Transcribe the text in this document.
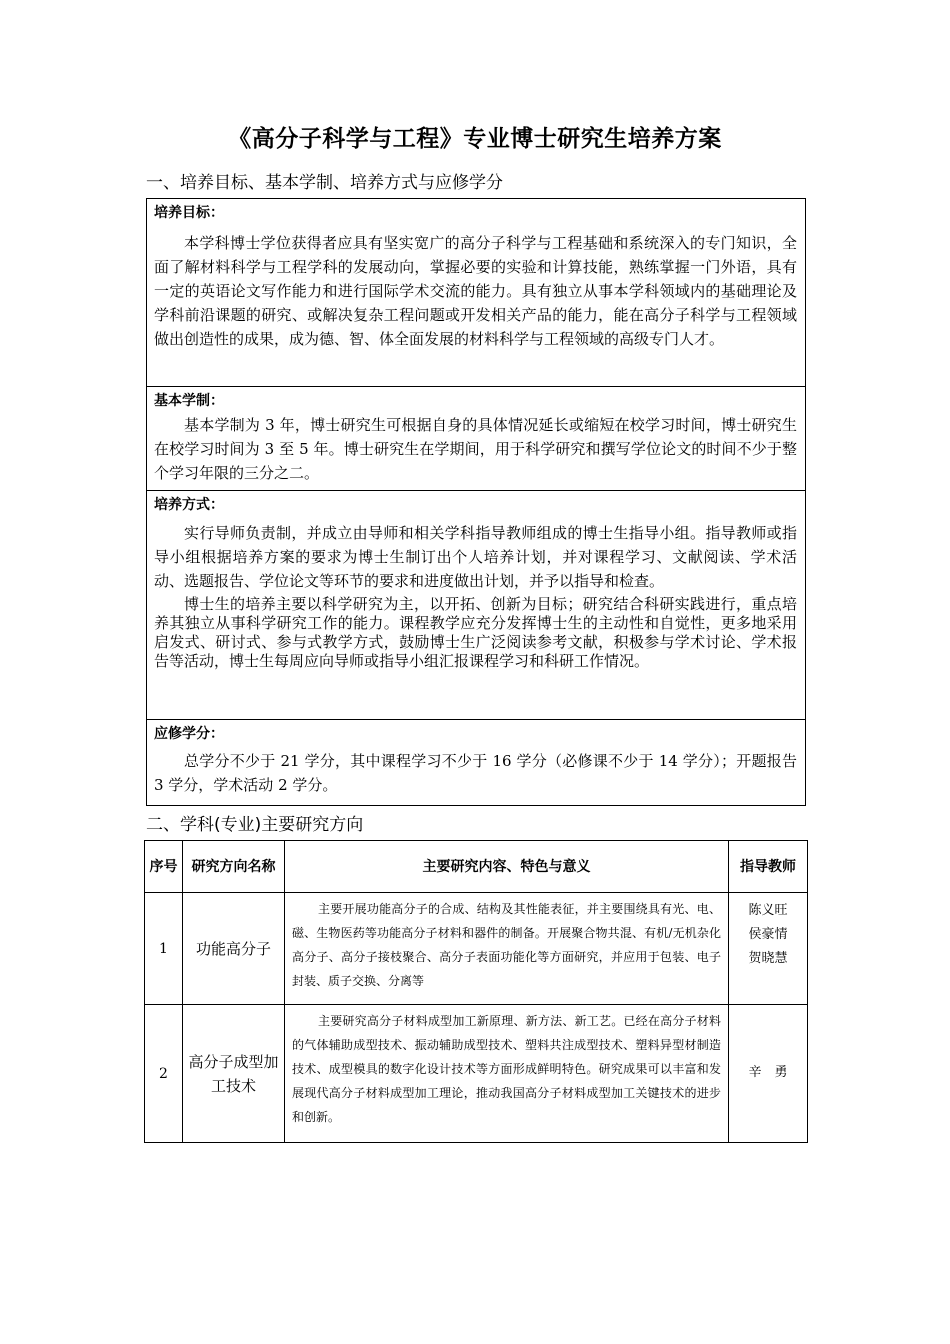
《高分子科学与工程》专业博士研究生培养方案
一、培养目标、基本学制、培养方式与应修学分
培养目标：

本学科博士学位获得者应具有坚实宽广的高分子科学与工程基础和系统深入的专门知识，全面了解材料科学与工程学科的发展动向，掌握必要的实验和计算技能，熟练掌握一门外语，具有一定的英语论文写作能力和进行国际学术交流的能力。具有独立从事本学科领域内的基础理论及学科前沿课题的研究、或解决复杂工程问题或开发相关产品的能力，能在高分子科学与工程领域做出创造性的成果，成为德、智、体全面发展的材料科学与工程领域的高级专门人才。

基本学制：

基本学制为 3 年，博士研究生可根据自身的具体情况延长或缩短在校学习时间，博士研究生在校学习时间为 3 至 5 年。博士研究生在学期间，用于科学研究和撰写学位论文的时间不少于整个学习年限的三分之二。

培养方式：

实行导师负责制，并成立由导师和相关学科指导教师组成的博士生指导小组。指导教师或指导小组根据培养方案的要求为博士生制订出个人培养计划，并对课程学习、文献阅读、学术活动、选题报告、学位论文等环节的要求和进度做出计划，并予以指导和检查。

博士生的培养主要以科学研究为主，以开拓、创新为目标；研究结合科研实践进行，重点培养其独立从事科学研究工作的能力。课程教学应充分发挥博士生的主动性和自觉性，更多地采用启发式、研讨式、参与式教学方式，鼓励博士生广泛阅读参考文献，积极参与学术讨论、学术报告等活动，博士生每周应向导师或指导小组汇报课程学习和科研工作情况。

应修学分：

总学分不少于 21 学分，其中课程学习不少于 16 学分（必修课不少于 14 学分）；开题报告 3 学分，学术活动 2 学分。

二、学科(专业)主要研究方向
序号	研究方向名称	主要研究内容、特色与意义	指导教师
1	功能高分子	主要开展功能高分子的合成、结构及其性能表征，并主要围绕具有光、电、磁、生物医药等功能高分子材料和器件的制备。开展聚合物共混、有机/无机杂化高分子、高分子接枝聚合、高分子表面功能化等方面研究，并应用于包装、电子封装、质子交换、分离等	陈义旺
侯豪情
贺晓慧

2	高分子成型加工技术	主要研究高分子材料成型加工新原理、新方法、新工艺。已经在高分子材料的气体辅助成型技术、振动辅助成型技术、塑料共注成型技术、塑料异型材制造技术、成型模具的数字化设计技术等方面形成鲜明特色。研究成果可以丰富和发展现代高分子材料成型加工理论，推动我国高分子材料成型加工关键技术的进步和创新。	辛　勇
